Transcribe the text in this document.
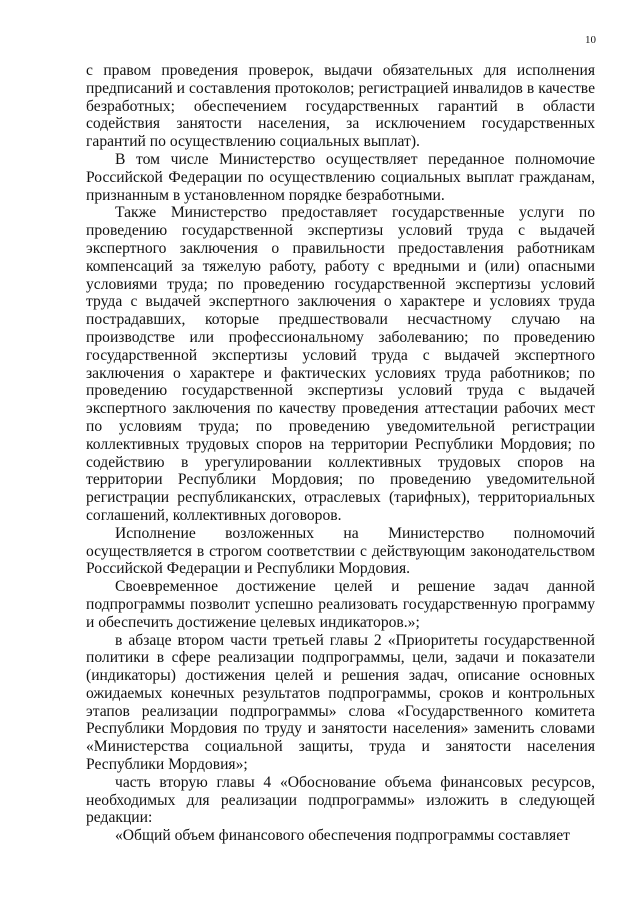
10

с правом проведения проверок, выдачи обязательных для исполнения предписаний и составления протоколов; регистрацией инвалидов в качестве безработных; обеспечением государственных гарантий в области содействия занятости населения, за исключением государственных гарантий по осуществлению социальных выплат).

В том числе Министерство осуществляет переданное полномочие Российской Федерации по осуществлению социальных выплат гражданам, признанным в установленном порядке безработными.

Также Министерство предоставляет государственные услуги по проведению государственной экспертизы условий труда с выдачей экспертного заключения о правильности предоставления работникам компенсаций за тяжелую работу, работу с вредными и (или) опасными условиями труда; по проведению государственной экспертизы условий труда с выдачей экспертного заключения о характере и условиях труда пострадавших, которые предшествовали несчастному случаю на производстве или профессиональному заболеванию; по проведению государственной экспертизы условий труда с выдачей экспертного заключения о характере и фактических условиях труда работников; по проведению государственной экспертизы условий труда с выдачей экспертного заключения по качеству проведения аттестации рабочих мест по условиям труда; по проведению уведомительной регистрации коллективных трудовых споров на территории Республики Мордовия; по содействию в урегулировании коллективных трудовых споров на территории Республики Мордовия; по проведению уведомительной регистрации республиканских, отраслевых (тарифных), территориальных соглашений, коллективных договоров.

Исполнение возложенных на Министерство полномочий осуществляется в строгом соответствии с действующим законодательством Российской Федерации и Республики Мордовия.

Своевременное достижение целей и решение задач данной подпрограммы позволит успешно реализовать государственную программу и обеспечить достижение целевых индикаторов.»;

в абзаце втором части третьей главы 2 «Приоритеты государственной политики в сфере реализации подпрограммы, цели, задачи и показатели (индикаторы) достижения целей и решения задач, описание основных ожидаемых конечных результатов подпрограммы, сроков и контрольных этапов реализации подпрограммы» слова «Государственного комитета Республики Мордовия по труду и занятости населения» заменить словами «Министерства социальной защиты, труда и занятости населения Республики Мордовия»;

часть вторую главы 4 «Обоснование объема финансовых ресурсов, необходимых для реализации подпрограммы» изложить в следующей редакции:

«Общий объем финансового обеспечения подпрограммы составляет
